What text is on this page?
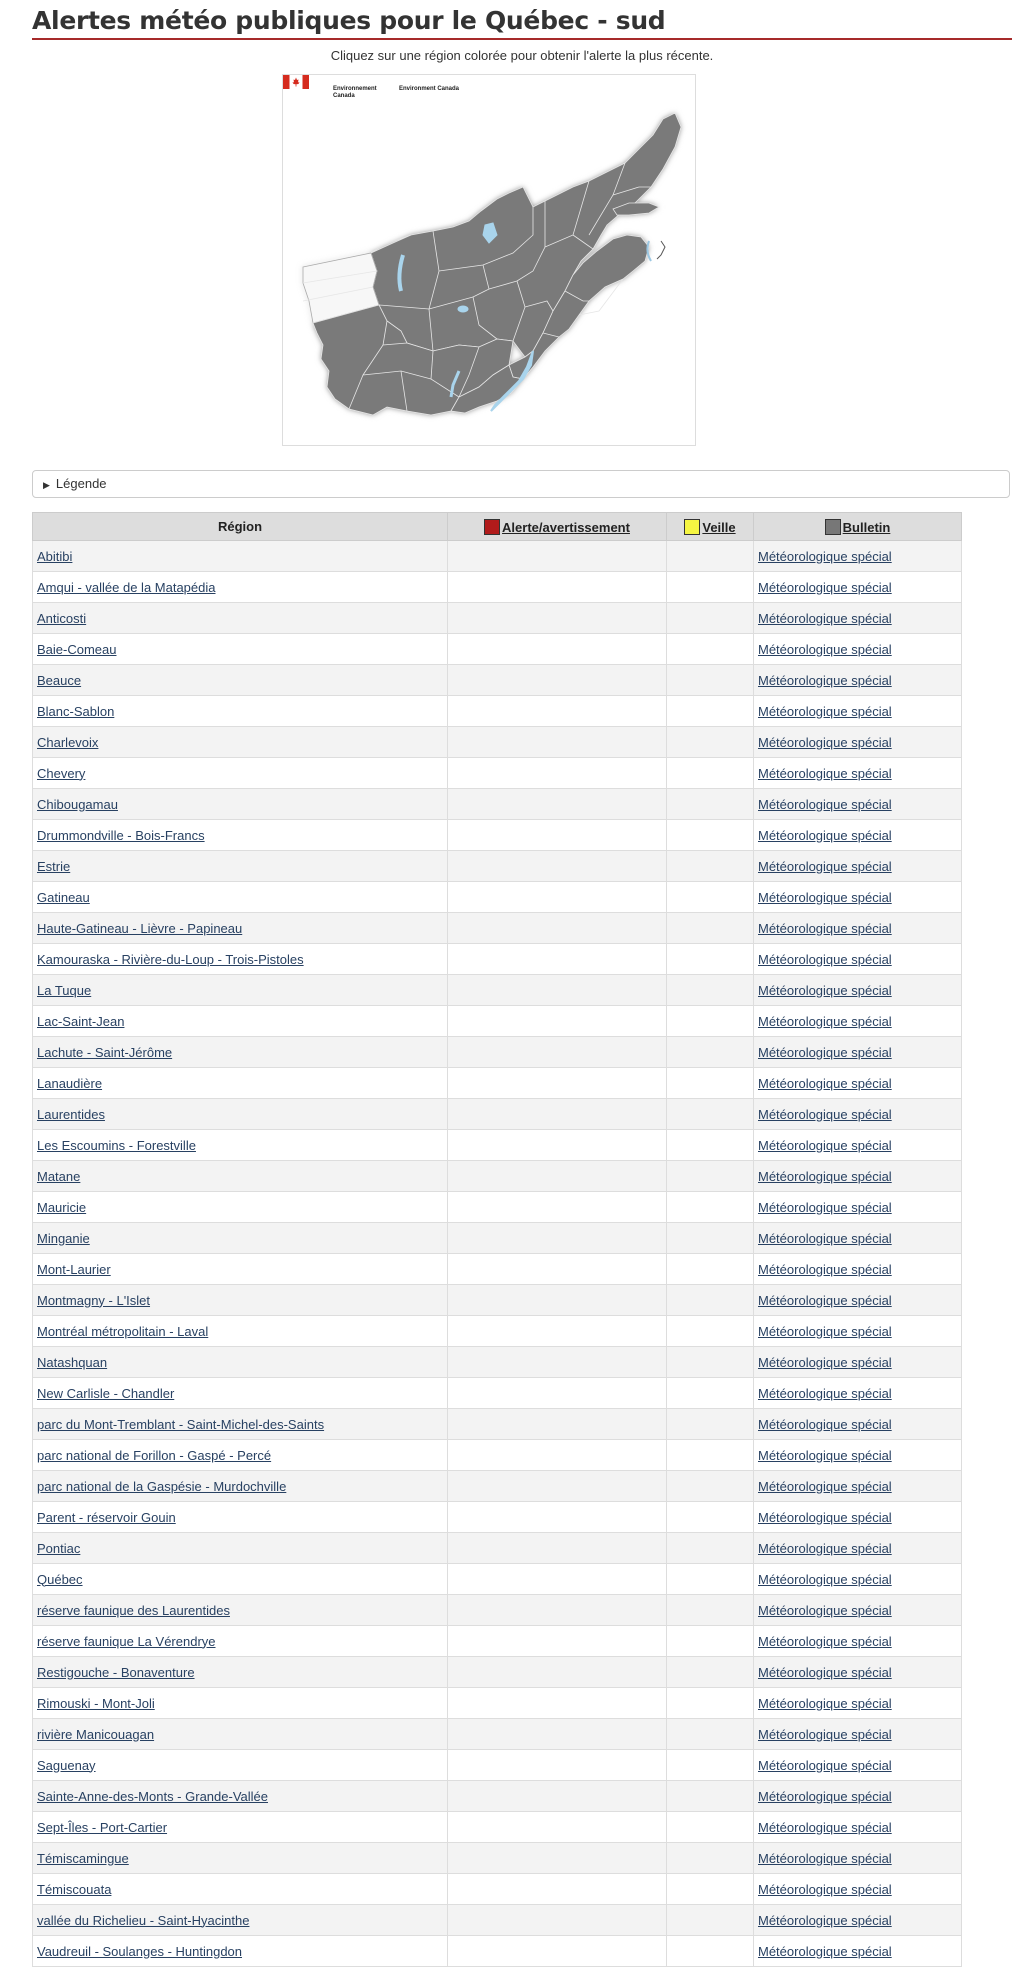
Alertes météo publiques pour le Québec - sud
Cliquez sur une région colorée pour obtenir l'alerte la plus récente.
Environnement Canada
Environment Canada
▶ Légende
Région	Alerte/avertissement	Veille	Bulletin
Abitibi			Météorologique spécial
Amqui - vallée de la Matapédia			Météorologique spécial
Anticosti			Météorologique spécial
Baie-Comeau			Météorologique spécial
Beauce			Météorologique spécial
Blanc-Sablon			Météorologique spécial
Charlevoix			Météorologique spécial
Chevery			Météorologique spécial
Chibougamau			Météorologique spécial
Drummondville - Bois-Francs			Météorologique spécial
Estrie			Météorologique spécial
Gatineau			Météorologique spécial
Haute-Gatineau - Lièvre - Papineau			Météorologique spécial
Kamouraska - Rivière-du-Loup - Trois-Pistoles			Météorologique spécial
La Tuque			Météorologique spécial
Lac-Saint-Jean			Météorologique spécial
Lachute - Saint-Jérôme			Météorologique spécial
Lanaudière			Météorologique spécial
Laurentides			Météorologique spécial
Les Escoumins - Forestville			Météorologique spécial
Matane			Météorologique spécial
Mauricie			Météorologique spécial
Minganie			Météorologique spécial
Mont-Laurier			Météorologique spécial
Montmagny - L'Islet			Météorologique spécial
Montréal métropolitain - Laval			Météorologique spécial
Natashquan			Météorologique spécial
New Carlisle - Chandler			Météorologique spécial
parc du Mont-Tremblant - Saint-Michel-des-Saints			Météorologique spécial
parc national de Forillon - Gaspé - Percé			Météorologique spécial
parc national de la Gaspésie - Murdochville			Météorologique spécial
Parent - réservoir Gouin			Météorologique spécial
Pontiac			Météorologique spécial
Québec			Météorologique spécial
réserve faunique des Laurentides			Météorologique spécial
réserve faunique La Vérendrye			Météorologique spécial
Restigouche - Bonaventure			Météorologique spécial
Rimouski - Mont-Joli			Météorologique spécial
rivière Manicouagan			Météorologique spécial
Saguenay			Météorologique spécial
Sainte-Anne-des-Monts - Grande-Vallée			Météorologique spécial
Sept-Îles - Port-Cartier			Météorologique spécial
Témiscamingue			Météorologique spécial
Témiscouata			Météorologique spécial
vallée du Richelieu - Saint-Hyacinthe			Météorologique spécial
Vaudreuil - Soulanges - Huntingdon			Météorologique spécial
